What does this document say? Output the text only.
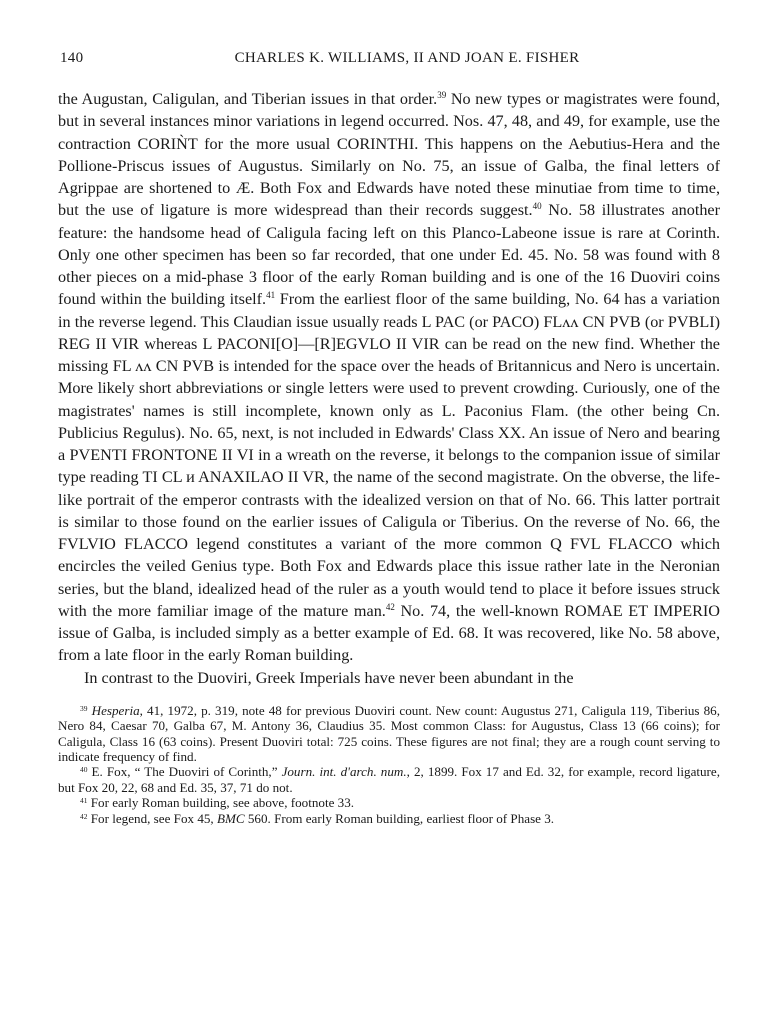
140	CHARLES K. WILLIAMS, II AND JOAN E. FISHER

the Augustan, Caligulan, and Tiberian issues in that order.$^{39}$ No new types or magistrates were found, but in several instances minor variations in legend occurred. Nos. 47, 48, and 49, for example, use the contraction CORIǸT for the more usual CORINTHI. This happens on the Aebutius-Hera and the Pollione-Priscus issues of Augustus. Similarly on No. 75, an issue of Galba, the final letters of Agrippae are shortened to Æ. Both Fox and Edwards have noted these minutiae from time to time, but the use of ligature is more widespread than their records suggest.$^{40}$ No. 58 illustrates another feature: the handsome head of Caligula facing left on this Planco-Labeone issue is rare at Corinth. Only one other specimen has been so far recorded, that one under Ed. 45. No. 58 was found with 8 other pieces on a mid-phase 3 floor of the early Roman building and is one of the 16 Duoviri coins found within the building itself.$^{41}$ From the earliest floor of the same building, No. 64 has a variation in the reverse legend. This Claudian issue usually reads L PAC (or PACO) FLᴧᴧ CN PVB (or PVBLI) REG II VIR whereas L PACONI[O]—[R]EGVLO II VIR can be read on the new find. Whether the missing FL ᴧᴧ CN PVB is intended for the space over the heads of Britannicus and Nero is uncertain. More likely short abbreviations or single letters were used to prevent crowding. Curiously, one of the magistrates' names is still incomplete, known only as L. Paconius Flam. (the other being Cn. Publicius Regulus). No. 65, next, is not included in Edwards' Class XX. An issue of Nero and bearing a PVENTI FRONTONE II VI in a wreath on the reverse, it belongs to the companion issue of similar type reading TI CL ᴎ ANAXILAO II VR, the name of the second magistrate. On the obverse, the life-like portrait of the emperor contrasts with the idealized version on that of No. 66. This latter portrait is similar to those found on the earlier issues of Caligula or Tiberius. On the reverse of No. 66, the FVLVIO FLACCO legend constitutes a variant of the more common Q FVL FLACCO which encircles the veiled Genius type. Both Fox and Edwards place this issue rather late in the Neronian series, but the bland, idealized head of the ruler as a youth would tend to place it before issues struck with the more familiar image of the mature man.$^{42}$ No. 74, the well-known ROMAE ET IMPERIO issue of Galba, is included simply as a better example of Ed. 68. It was recovered, like No. 58 above, from a late floor in the early Roman building.

In contrast to the Duoviri, Greek Imperials have never been abundant in the

$^{39}$ Hesperia, 41, 1972, p. 319, note 48 for previous Duoviri count. New count: Augustus 271, Caligula 119, Tiberius 86, Nero 84, Caesar 70, Galba 67, M. Antony 36, Claudius 35. Most common Class: for Augustus, Class 13 (66 coins); for Caligula, Class 16 (63 coins). Present Duoviri total: 725 coins. These figures are not final; they are a rough count serving to indicate frequency of find.

$^{40}$ E. Fox, “ The Duoviri of Corinth,” Journ. int. d'arch. num., 2, 1899. Fox 17 and Ed. 32, for example, record ligature, but Fox 20, 22, 68 and Ed. 35, 37, 71 do not.

$^{41}$ For early Roman building, see above, footnote 33.

$^{42}$ For legend, see Fox 45, BMC 560. From early Roman building, earliest floor of Phase 3.
